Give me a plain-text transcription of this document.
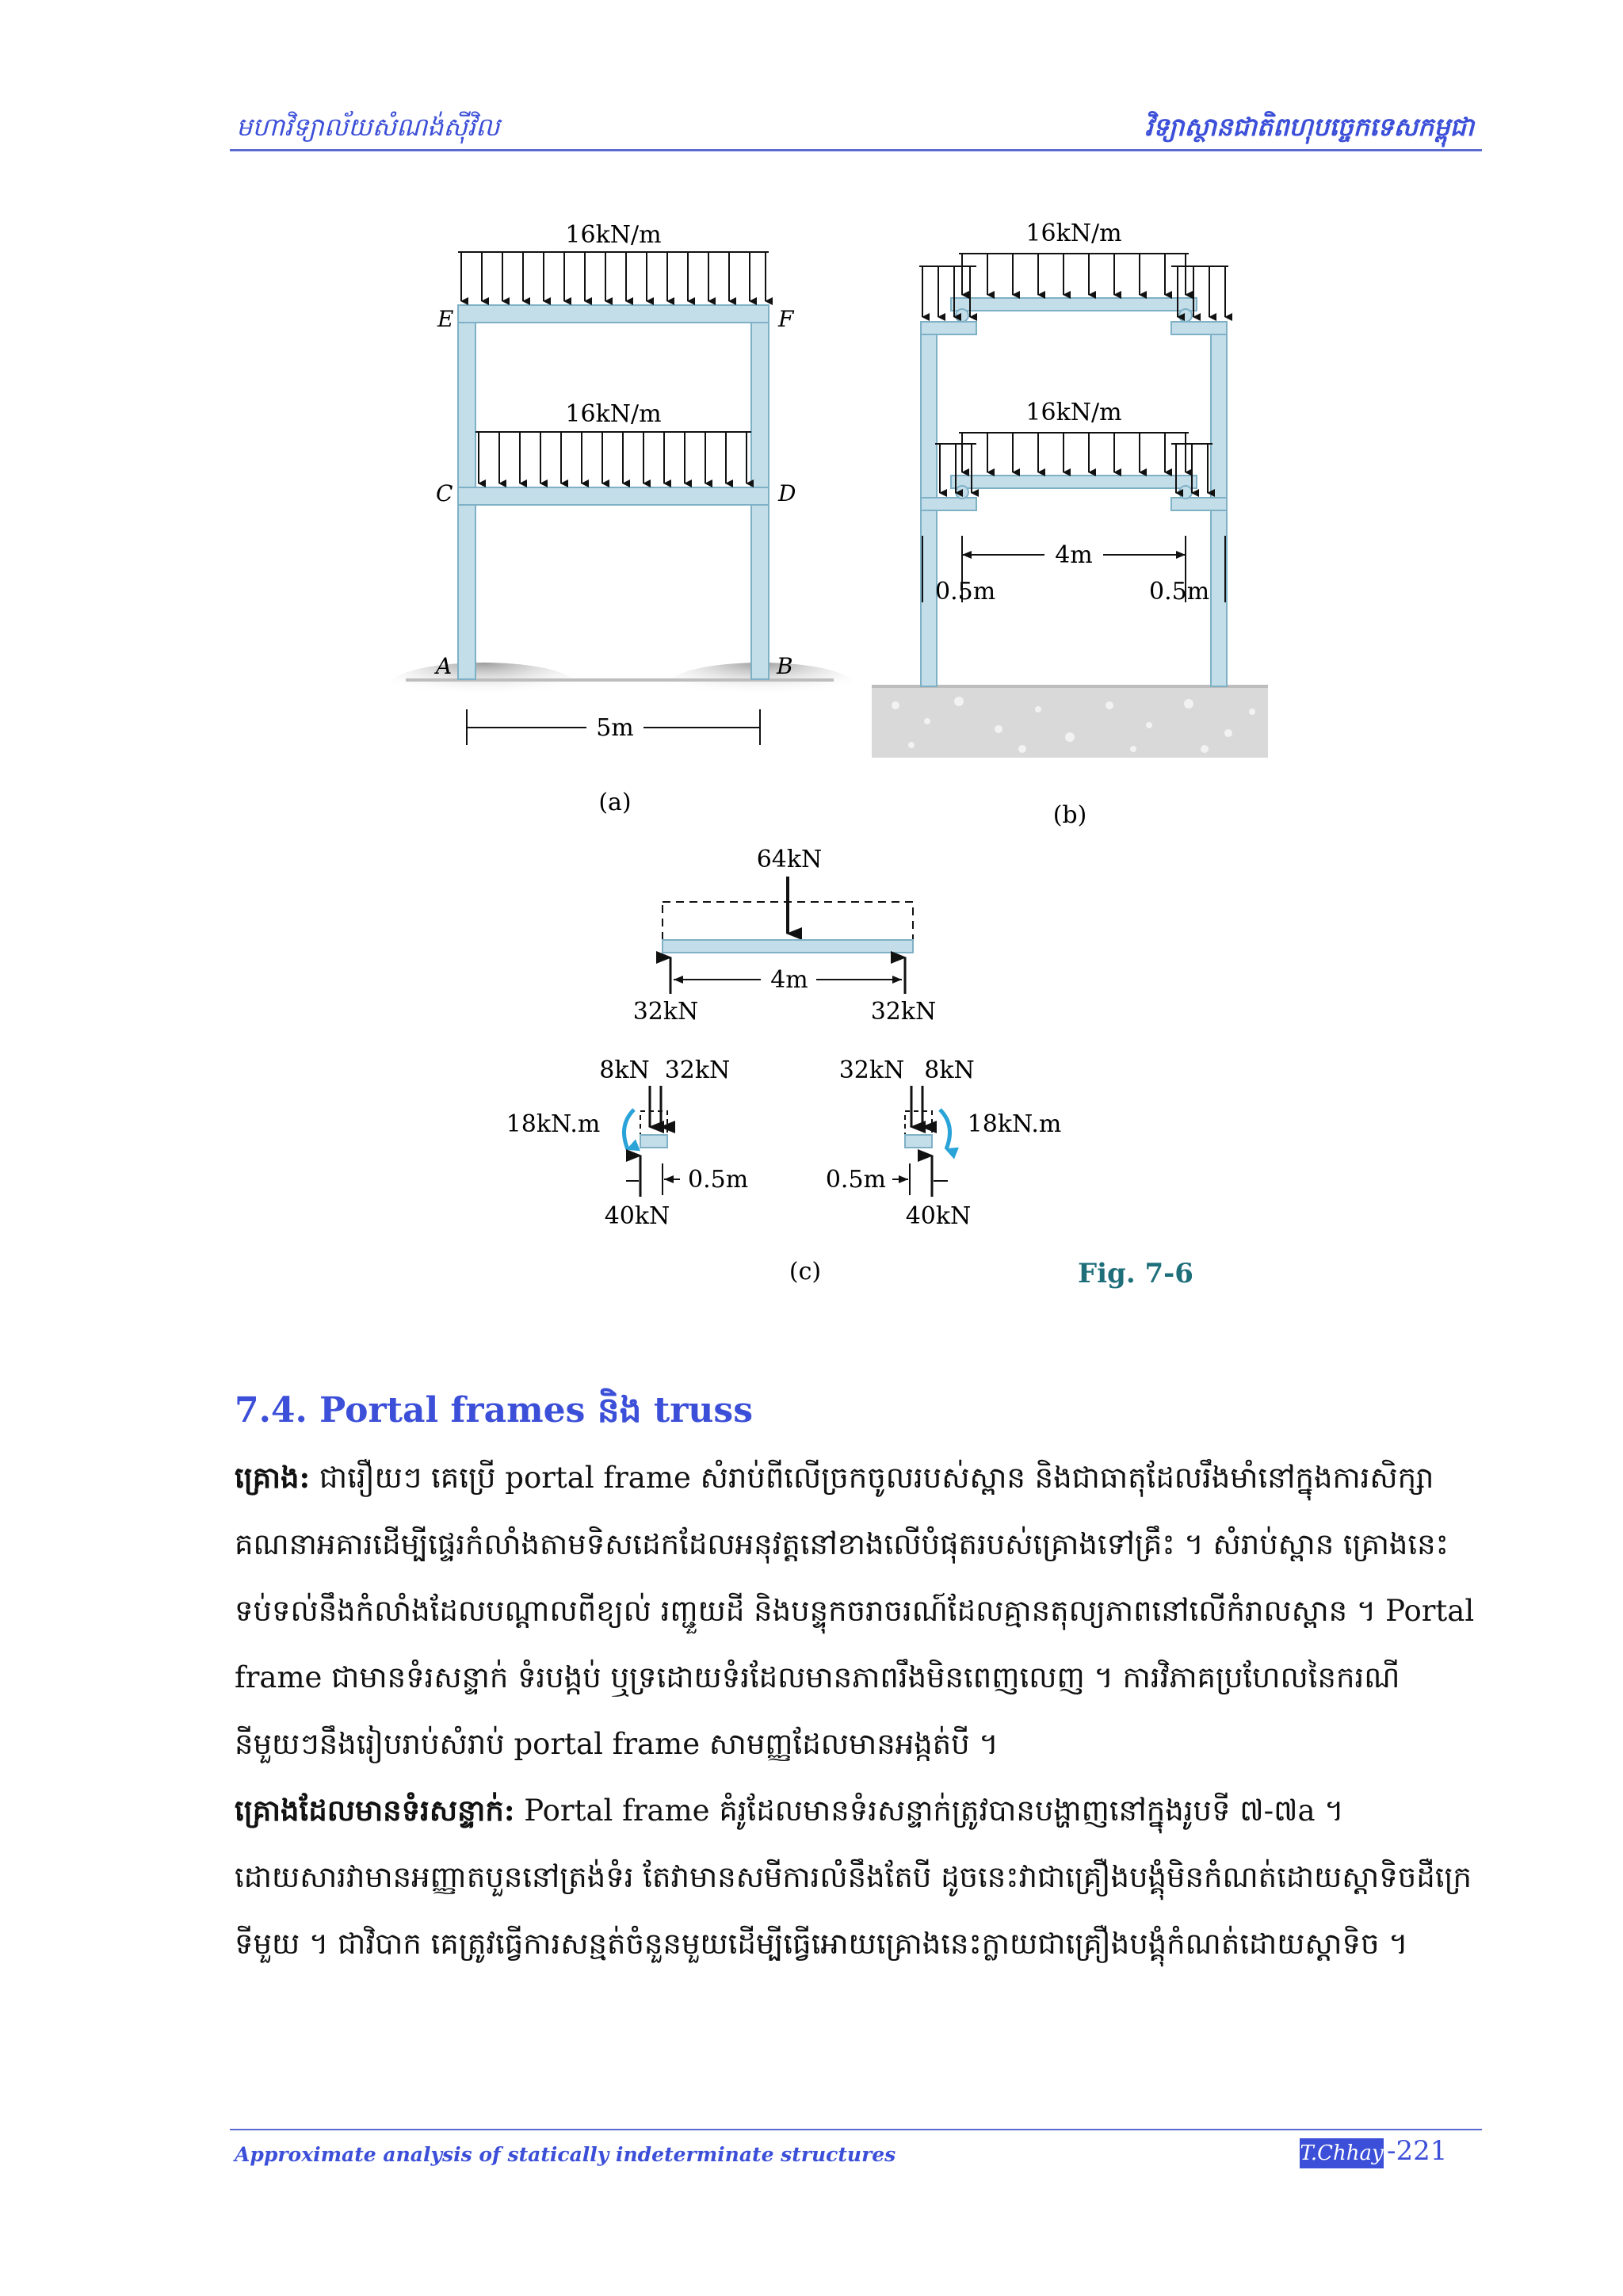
មហាវិទ្យាល័យសំណង់ស៊ីវិល	វិទ្យាស្ថានជាតិពហុបច្ចេកទេសកម្ពុជា
16kN/m
16kN/m
E	F
C	D
A	B
5m
(a)
16kN/m
16kN/m
4m
0.5m	0.5m
(b)
64kN
4m
32kN	32kN
8kN 32kN
18kN.m
0.5m
40kN
32kN 8kN
18kN.m
0.5m
40kN
(c)	Fig. 7-6
7.4. Portal frames និង truss

គ្រោង: ជារឿយៗ គេប្រើ portal frame សំរាប់ពីលើច្រកចូលរបស់ស្ពាន និងជាធាតុដែលរឹងមាំនៅក្នុងការសិក្សាគណនាអគារដើម្បីផ្ទេរកំលាំងតាមទិសដេកដែលអនុវត្តនៅខាងលើបំផុតរបស់គ្រោងទៅគ្រឹះ ។ សំរាប់ស្ពាន គ្រោងនេះទប់ទល់នឹងកំលាំងដែលបណ្តាលពីខ្យល់ រញ្ជួយដី និងបន្ទុកចរាចរណ៍ដែលគ្មានតុល្យភាពនៅលើកំរាលស្ពាន ។ Portal frame ជាមានទំរសន្ទាក់ ទំរបង្កប់ ឬទ្រដោយទំរដែលមានភាពរឹងមិនពេញលេញ ។ ការវិភាគប្រហែលនៃករណីនីមួយៗនឹងរៀបរាប់សំរាប់ portal frame សាមញ្ញដែលមានអង្កត់បី ។

គ្រោងដែលមានទំរសន្ទាក់: Portal frame គំរូដែលមានទំរសន្ទាក់ត្រូវបានបង្ហាញនៅក្នុងរូបទី ៧-៧a ។ ដោយសារវាមានអញ្ញាតបួននៅត្រង់ទំរ តែវាមានសមីការលំនឹងតែបី ដូចនេះវាជាគ្រឿងបង្គុំមិនកំណត់ដោយស្តាទិចដឺក្រេទីមួយ ។ ជាវិបាក គេត្រូវធ្វើការសន្មត់ចំនួនមួយដើម្បីធ្វើអោយគ្រោងនេះក្លាយជាគ្រឿងបង្គុំកំណត់ដោយស្តាទិច ។

Approximate analysis of statically indeterminate structures	T.Chhay -221
